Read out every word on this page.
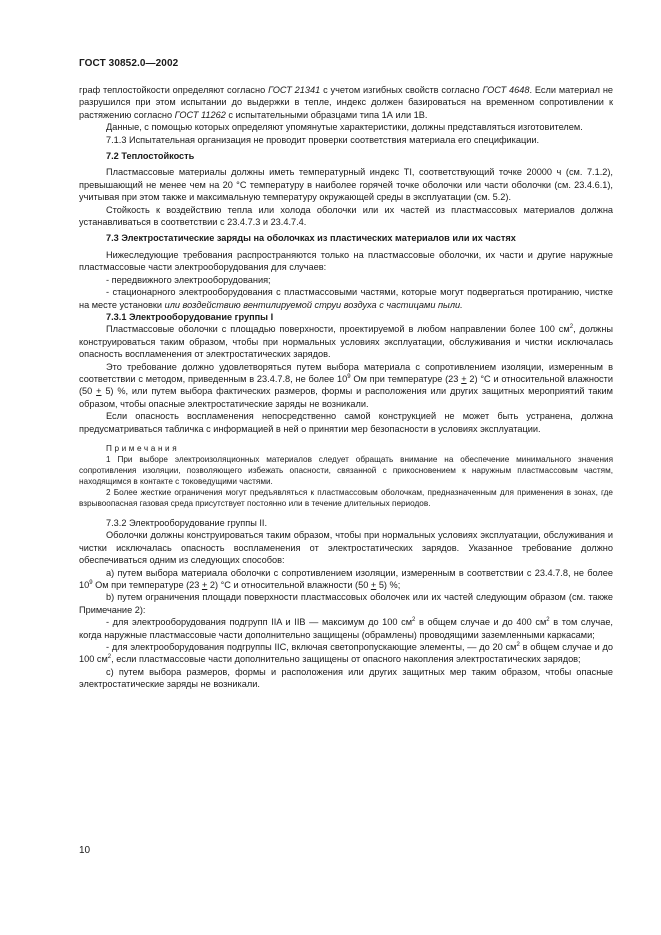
ГОСТ 30852.0—2002

граф теплостойкости определяют согласно ГОСТ 21341 с учетом изгибных свойств согласно ГОСТ 4648. Если материал не разрушился при этом испытании до выдержки в тепле, индекс должен базироваться на временном сопротивлении к растяжению согласно ГОСТ 11262 с испытательными образцами типа 1А или 1В.

Данные, с помощью которых определяют упомянутые характеристики, должны представляться изготовителем.

7.1.3 Испытательная организация не проводит проверки соответствия материала его спецификации.

7.2 Теплостойкость

Пластмассовые материалы должны иметь температурный индекс TI, соответствующий точке 20000 ч (см. 7.1.2), превышающий не менее чем на 20 °С температуру в наиболее горячей точке оболочки или части оболочки (см. 23.4.6.1), учитывая при этом также и максимальную температуру окружающей среды в эксплуатации (см. 5.2).

Стойкость к воздействию тепла или холода оболочки или их частей из пластмассовых материалов должна устанавливаться в соответствии с 23.4.7.3 и 23.4.7.4.

7.3 Электростатические заряды на оболочках из пластических материалов или их частях

Нижеследующие требования распространяются только на пластмассовые оболочки, их части и другие наружные пластмассовые части электрооборудования для случаев:

- передвижного электрооборудования;

- стационарного электрооборудования с пластмассовыми частями, которые могут подвергаться протиранию, чистке на месте установки или воздействию вентилируемой струи воздуха с частицами пыли.

7.3.1 Электрооборудование группы I

Пластмассовые оболочки с площадью поверхности, проектируемой в любом направлении более 100 $см^2$, должны конструироваться таким образом, чтобы при нормальных условиях эксплуатации, обслуживания и чистки исключалась опасность воспламенения от электростатических зарядов.

Это требование должно удовлетворяться путем выбора материала с сопротивлением изоляции, измеренным в соответствии с методом, приведенным в 23.4.7.8, не более $10^9$ Ом при температуре (23 + 2) °С и относительной влажности (50 + 5) %, или путем выбора фактических размеров, формы и расположения или других защитных мероприятий таким образом, чтобы опасные электростатические заряды не возникали.

Если опасность воспламенения непосредственно самой конструкцией не может быть устранена, должна предусматриваться табличка с информацией в ней о принятии мер безопасности в условиях эксплуатации.

Примечания

1 При выборе электроизоляционных материалов следует обращать внимание на обеспечение минимального значения сопротивления изоляции, позволяющего избежать опасности, связанной с прикосновением к наружным пластмассовым частям, находящимся в контакте с токоведущими частями.

2 Более жесткие ограничения могут предъявляться к пластмассовым оболочкам, предназначенным для применения в зонах, где взрывоопасная газовая среда присутствует постоянно или в течение длительных периодов.

7.3.2 Электрооборудование группы II.

Оболочки должны конструироваться таким образом, чтобы при нормальных условиях эксплуатации, обслуживания и чистки исключалась опасность воспламенения от электростатических зарядов. Указанное требование должно обеспечиваться одним из следующих способов:

а) путем выбора материала оболочки с сопротивлением изоляции, измеренным в соответствии с 23.4.7.8, не более $10^9$ Ом при температуре (23 + 2) °С и относительной влажности (50 + 5) %;

b) путем ограничения площади поверхности пластмассовых оболочек или их частей следующим образом (см. также Примечание 2):

- для электрооборудования подгрупп IIA и IIB — максимум до 100 $см^2$ в общем случае и до 400 $см^2$ в том случае, когда наружные пластмассовые части дополнительно защищены (обрамлены) проводящими заземленными каркасами;

- для электрооборудования подгруппы IIC, включая светопропускающие элементы, — до 20 $см^2$ в общем случае и до 100 $см^2$, если пластмассовые части дополнительно защищены от опасного накопления электростатических зарядов;

с) путем выбора размеров, формы и расположения или других защитных мер таким образом, чтобы опасные электростатические заряды не возникали.

10
